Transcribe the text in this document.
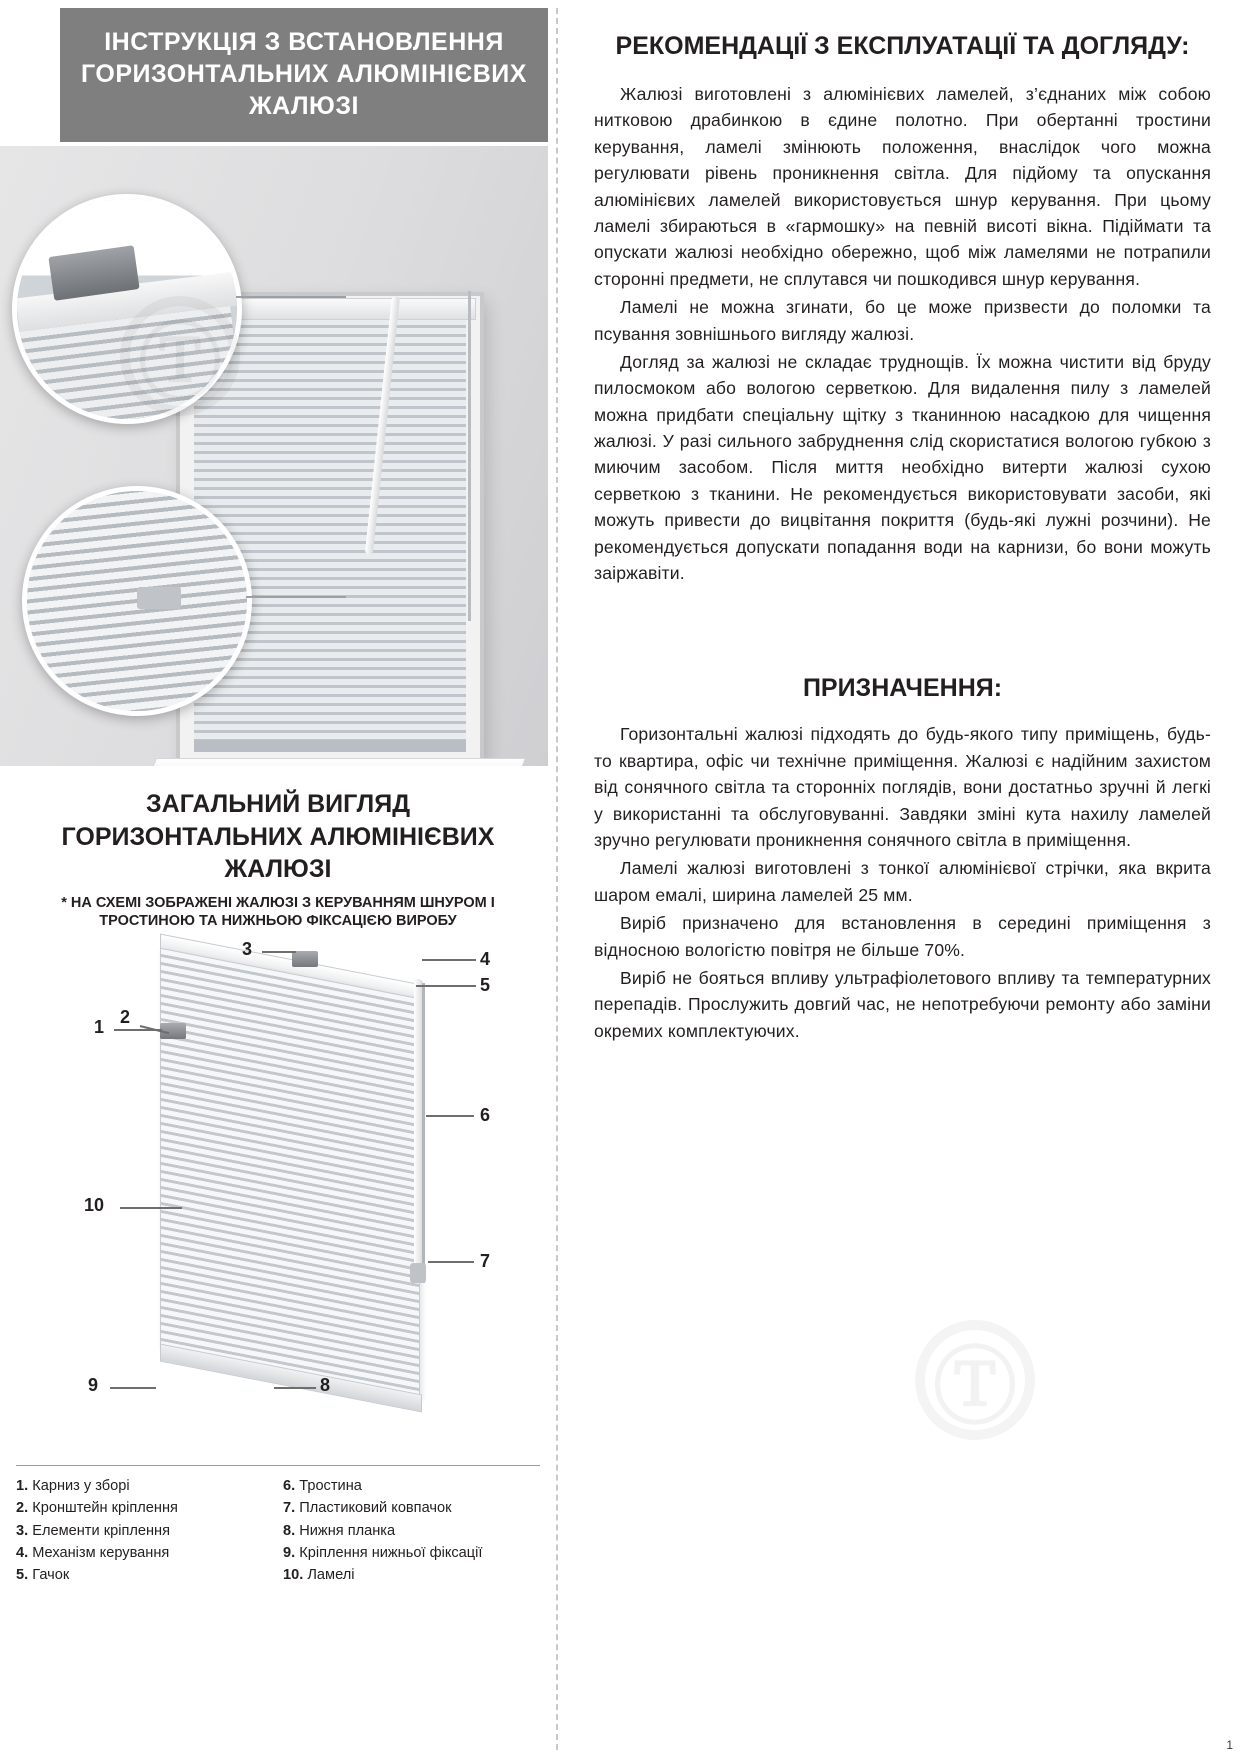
ІНСТРУКЦІЯ З ВСТАНОВЛЕННЯ ГОРИЗОНТАЛЬНИХ АЛЮМІНІЄВИХ ЖАЛЮЗІ
ЗАГАЛЬНИЙ ВИГЛЯД ГОРИЗОНТАЛЬНИХ АЛЮМІНІЄВИХ ЖАЛЮЗІ
* НА СХЕМІ ЗОБРАЖЕНІ ЖАЛЮЗІ З КЕРУВАННЯМ ШНУРОМ І ТРОСТИНОЮ ТА НИЖНЬОЮ ФІКСАЦІЄЮ ВИРОБУ
3	4
5
1 2
6
7
10
8
9
1. Карниз у зборі
2. Кронштейн кріплення
3. Елементи кріплення
4. Механізм керування
5. Гачок
6. Тростина
7. Пластиковий ковпачок
8. Нижня планка
9. Кріплення нижньої фіксації
10. Ламелі
РЕКОМЕНДАЦІЇ З ЕКСПЛУАТАЦІЇ ТА ДОГЛЯДУ:

Жалюзі виготовлені з алюмінієвих ламелей, з’єднаних між собою нитковою драбинкою в єдине полотно. При обертанні тростини керування, ламелі змінюють положення, внаслідок чого можна регулювати рівень проникнення світла. Для підйому та опускання алюмінієвих ламелей використовується шнур керування. При цьому ламелі збираються в «гармошку» на певній висоті вікна. Підіймати та опускати жалюзі необхідно обережно, щоб між ламелями не потрапили сторонні предмети, не сплутався чи пошкодився шнур керування.

Ламелі не можна згинати, бо це може призвести до поломки та псування зовнішнього вигляду жалюзі.

Догляд за жалюзі не складає труднощів. Їх можна чистити від бруду пилосмоком або вологою серветкою. Для видалення пилу з ламелей можна придбати спеціальну щітку з тканинною насадкою для чищення жалюзі. У разі сильного забруднення слід скористатися вологою губкою з миючим засобом. Після миття необхідно витерти жалюзі сухою серветкою з тканини. Не рекомендується використовувати засоби, які можуть привести до вицвітання покриття (будь-які лужні розчини). Не рекомендується допускати попадання води на карнизи, бо вони можуть заіржавіти.

ПРИЗНАЧЕННЯ:

Горизонтальні жалюзі підходять до будь-якого типу приміщень, будь-то квартира, офіс чи технічне приміщення. Жалюзі є надійним захистом від сонячного світла та сторонніх поглядів, вони достатньо зручні й легкі у використанні та обслуговуванні. Завдяки зміні кута нахилу ламелей зручно регулювати проникнення сонячного світла в приміщення.

Ламелі жалюзі виготовлені з тонкої алюмінієвої стрічки, яка вкрита шаром емалі, ширина ламелей 25 мм.

Виріб призначено для встановлення в середині приміщення з відносною вологістю повітря не більше 70%.

Виріб не бояться впливу ультрафіолетового впливу та температурних перепадів. Прослужить довгий час, не непотребуючи ремонту або заміни окремих комплектуючих.

Ⓣ
1
